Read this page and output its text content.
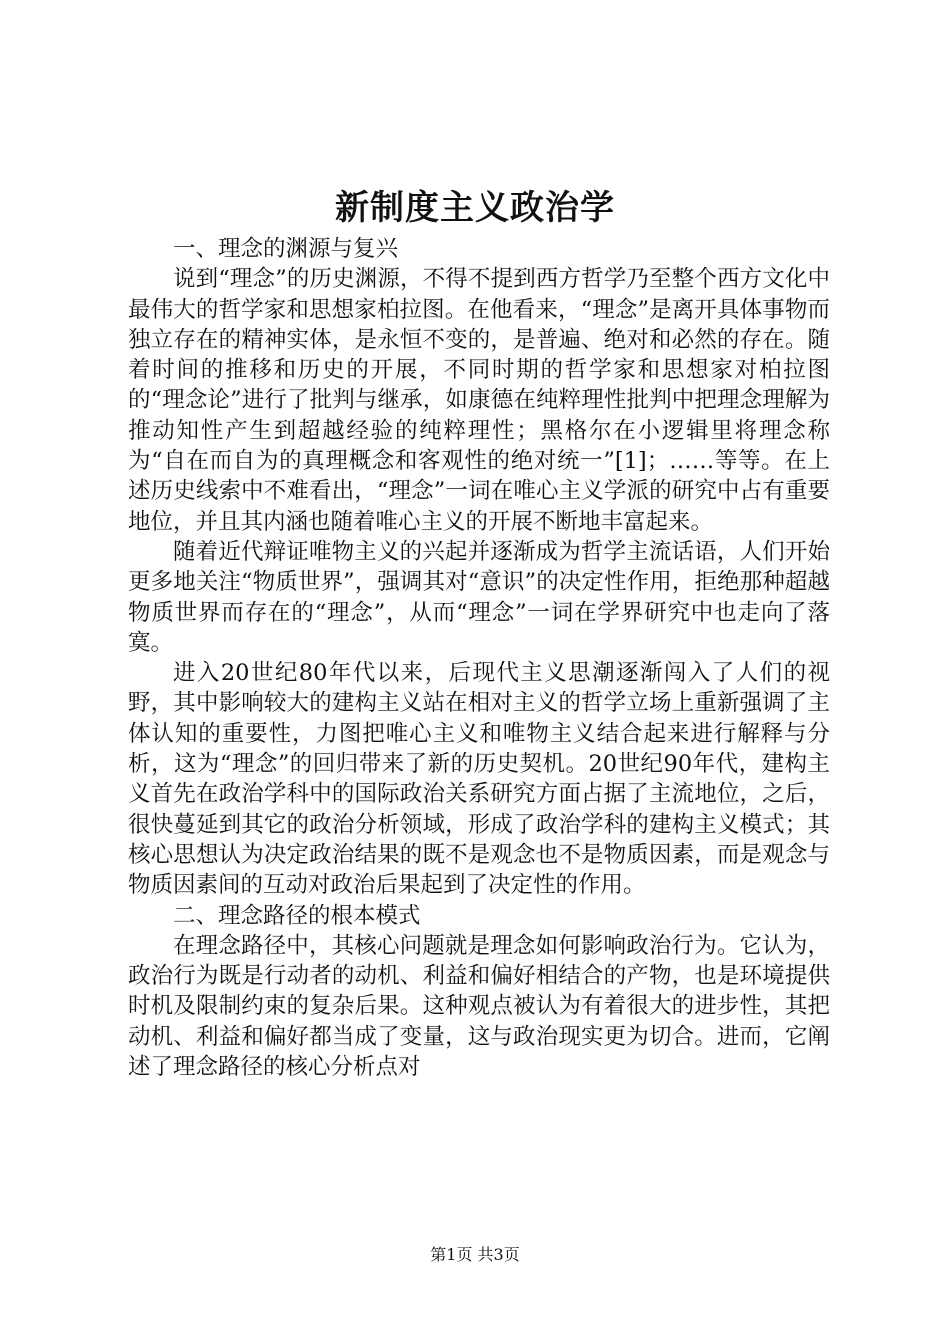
新制度主义政治学

一、理念的渊源与复兴

说到“理念”的历史渊源，不得不提到西方哲学乃至整个西方文化中最伟大的哲学家和思想家柏拉图。在他看来，“理念”是离开具体事物而独立存在的精神实体，是永恒不变的，是普遍、绝对和必然的存在。随着时间的推移和历史的开展，不同时期的哲学家和思想家对柏拉图的“理念论”进行了批判与继承，如康德在纯粹理性批判中把理念理解为推动知性产生到超越经验的纯粹理性；黑格尔在小逻辑里将理念称为“自在而自为的真理概念和客观性的绝对统一”[1]；……等等。在上述历史线索中不难看出，“理念”一词在唯心主义学派的研究中占有重要地位，并且其内涵也随着唯心主义的开展不断地丰富起来。

随着近代辩证唯物主义的兴起并逐渐成为哲学主流话语，人们开始更多地关注“物质世界”，强调其对“意识”的决定性作用，拒绝那种超越物质世界而存在的“理念”，从而“理念”一词在学界研究中也走向了落寞。

进入20世纪80年代以来，后现代主义思潮逐渐闯入了人们的视野，其中影响较大的建构主义站在相对主义的哲学立场上重新强调了主体认知的重要性，力图把唯心主义和唯物主义结合起来进行解释与分析，这为“理念”的回归带来了新的历史契机。20世纪90年代，建构主义首先在政治学科中的国际政治关系研究方面占据了主流地位，之后，很快蔓延到其它的政治分析领域，形成了政治学科的建构主义模式；其核心思想认为决定政治结果的既不是观念也不是物质因素，而是观念与物质因素间的互动对政治后果起到了决定性的作用。

二、理念路径的根本模式

在理念路径中，其核心问题就是理念如何影响政治行为。它认为，政治行为既是行动者的动机、利益和偏好相结合的产物，也是环境提供时机及限制约束的复杂后果。这种观点被认为有着很大的进步性，其把动机、利益和偏好都当成了变量，这与政治现实更为切合。进而，它阐述了理念路径的核心分析点对

第1页 共3页
